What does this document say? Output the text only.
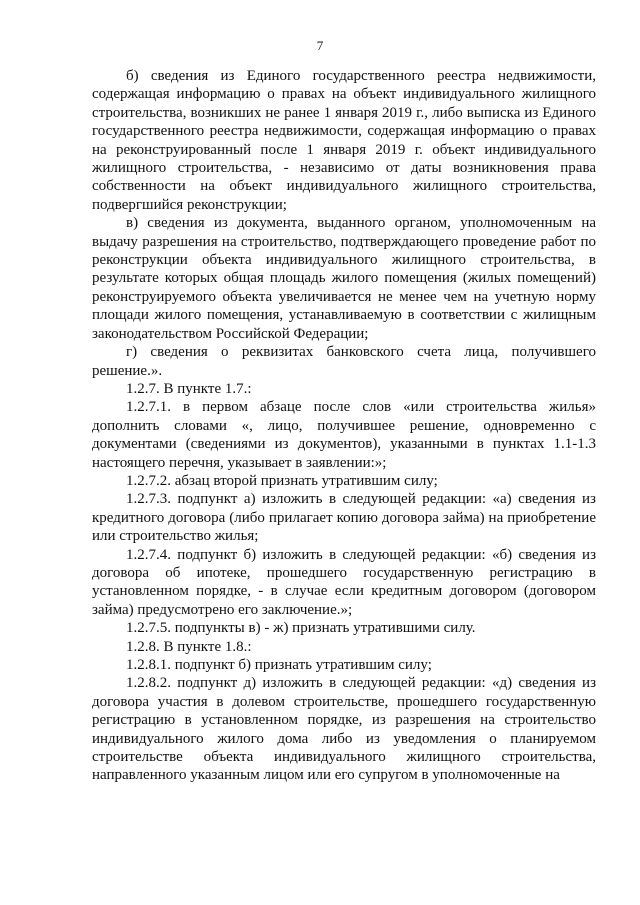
7

б) сведения из Единого государственного реестра недвижимости, содержащая информацию о правах на объект индивидуального жилищного строительства, возникших не ранее 1 января 2019 г., либо выписка из Единого государственного реестра недвижимости, содержащая информацию о правах на реконструированный после 1 января 2019 г. объект индивидуального жилищного строительства, - независимо от даты возникновения права собственности на объект индивидуального жилищного строительства, подвергшийся реконструкции;

в) сведения из документа, выданного органом, уполномоченным на выдачу разрешения на строительство, подтверждающего проведение работ по реконструкции объекта индивидуального жилищного строительства, в результате которых общая площадь жилого помещения (жилых помещений) реконструируемого объекта увеличивается не менее чем на учетную норму площади жилого помещения, устанавливаемую в соответствии с жилищным законодательством Российской Федерации;

г) сведения о реквизитах банковского счета лица, получившего решение.».

1.2.7. В пункте 1.7.:

1.2.7.1. в первом абзаце после слов «или строительства жилья» дополнить словами «, лицо, получившее решение, одновременно с документами (сведениями из документов), указанными в пунктах 1.1-1.3 настоящего перечня, указывает в заявлении:»;

1.2.7.2. абзац второй признать утратившим силу;

1.2.7.3. подпункт а) изложить в следующей редакции: «а) сведения из кредитного договора (либо прилагает копию договора займа) на приобретение или строительство жилья;

1.2.7.4. подпункт б) изложить в следующей редакции: «б) сведения из договора об ипотеке, прошедшего государственную регистрацию в установленном порядке, - в случае если кредитным договором (договором займа) предусмотрено его заключение.»;

1.2.7.5. подпункты в) - ж) признать утратившими силу.

1.2.8. В пункте 1.8.:

1.2.8.1. подпункт б) признать утратившим силу;

1.2.8.2. подпункт д) изложить в следующей редакции: «д) сведения из договора участия в долевом строительстве, прошедшего государственную регистрацию в установленном порядке, из разрешения на строительство индивидуального жилого дома либо из уведомления о планируемом строительстве объекта индивидуального жилищного строительства, направленного указанным лицом или его супругом в уполномоченные на
